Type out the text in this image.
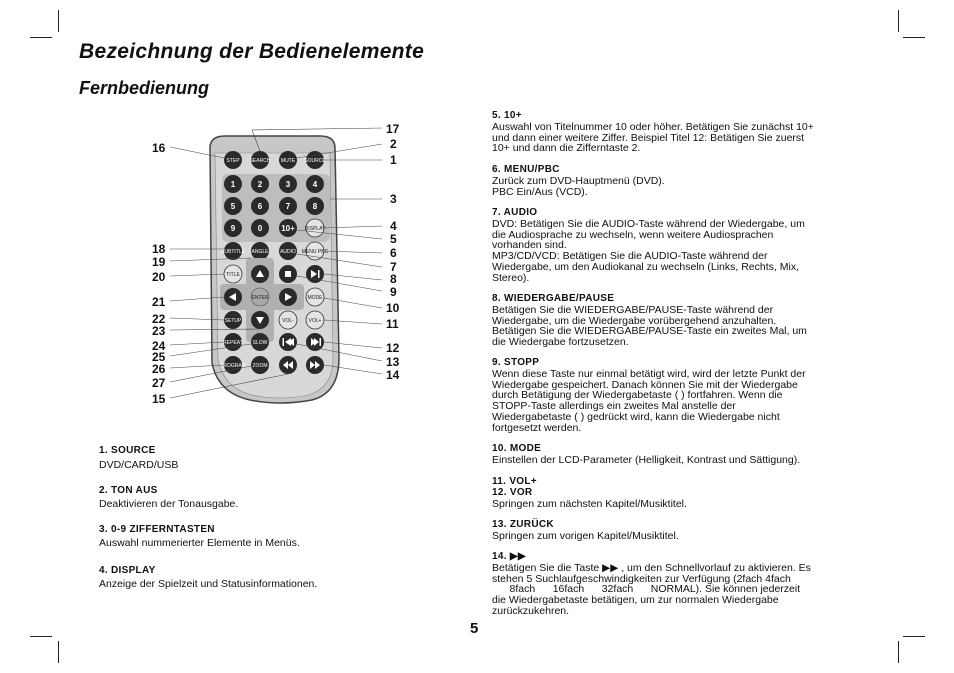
Bezeichnung der Bedienelemente
Fernbedienung
STEP SEARCH MUTE SOURCE
1	2	3	4
5	6	7	8
9	0 10+ DISPLAY
SUBTITLE ANGLE AUDIO MENU PBC
TITLE
ENTER	MODE
SETUP	VOL-	VOL+
REPEAT SLOW
PROGRAM ZOOM
16
18
19
20
21
22
23
24
25
26
27
15
17
2
1
3
4
5
6
7
8
9
10
11
12
13
14
1. SOURCE

DVD/CARD/USB

2. TON AUS

Deaktivieren der Tonausgabe.

3. 0-9 ZIFFERNTASTEN

Auswahl nummerierter Elemente in Menüs.

4. DISPLAY

Anzeige der Spielzeit und Statusinformationen.

5. 10+

Auswahl von Titelnummer 10 oder höher. Betätigen Sie zunächst 10+

und dann einer weitere Ziffer. Beispiel Titel 12: Betätigen Sie zuerst

10+ und dann die Zifferntaste 2.

6. MENU/PBC

Zurück zum DVD-Hauptmenü (DVD).

PBC Ein/Aus (VCD).

7. AUDIO

DVD: Betätigen Sie die AUDIO-Taste während der Wiedergabe, um

die Audiosprache zu wechseln, wenn weitere Audiosprachen

vorhanden sind.

MP3/CD/VCD: Betätigen Sie die AUDIO-Taste während der

Wiedergabe, um den Audiokanal zu wechseln (Links, Rechts, Mix,

Stereo).

8. WIEDERGABE/PAUSE

Betätigen Sie die WIEDERGABE/PAUSE-Taste während der

Wiedergabe, um die Wiedergabe vorübergehend anzuhalten.

Betätigen Sie die WIEDERGABE/PAUSE-Taste ein zweites Mal, um

die Wiedergabe fortzusetzen.

9. STOPP

Wenn diese Taste nur einmal betätigt wird, wird der letzte Punkt der

Wiedergabe gespeichert. Danach können Sie mit der Wiedergabe

durch Betätigung der Wiedergabetaste ( ) fortfahren. Wenn die

STOPP-Taste allerdings ein zweites Mal anstelle der

Wiedergabetaste ( ) gedrückt wird, kann die Wiedergabe nicht

fortgesetzt werden.

10. MODE

Einstellen der LCD-Parameter (Helligkeit, Kontrast und Sättigung).

11. VOL+
12. VOR

Springen zum nächsten Kapitel/Musiktitel.

13. ZURÜCK

Springen zum vorigen Kapitel/Musiktitel.

14. ▶▶

Betätigen Sie die Taste ▶▶ , um den Schnellvorlauf zu aktivieren. Es

stehen 5 Suchlaufgeschwindigkeiten zur Verfügung (2fach 4fach

8fach      16fach      32fach      NORMAL). Sie können jederzeit

die Wiedergabetaste betätigen, um zur normalen Wiedergabe

zurückzukehren.

5
